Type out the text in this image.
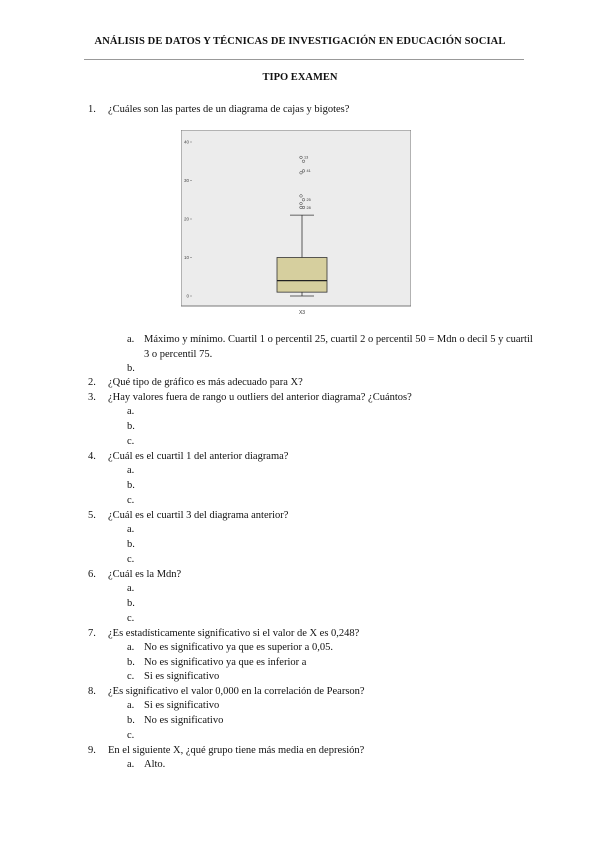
ANÁLISIS DE DATOS Y TÉCNICAS DE INVESTIGACIÓN EN EDUCACIÓN SOCIAL
TIPO EXAMEN
1. ¿Cuáles son las partes de un diagrama de cajas y bigotes?
0
10
20
30
40
13
41
25
28
X3
a. Máximo y mínimo. Cuartil 1 o percentil 25, cuartil 2 o percentil 50 = Mdn o decil 5 y cuartil 3 o percentil 75.
b.
2. ¿Qué tipo de gráfico es más adecuado para X?
3. ¿Hay valores fuera de rango u outliers del anterior diagrama? ¿Cuántos?
a.
b.
c.
4. ¿Cuál es el cuartil 1 del anterior diagrama?
a.
b.
c.
5. ¿Cuál es el cuartil 3 del diagrama anterior?
a.
b.
c.
6. ¿Cuál es la Mdn?
a.
b.
c.
7. ¿Es estadísticamente significativo si el valor de X es 0,248?
a. No es significativo ya que es superior a 0,05.
b. No es significativo ya que es inferior a
c. Si es significativo
8. ¿Es significativo el valor 0,000 en la correlación de Pearson?
a. Si es significativo
b. No es significativo
c.
9. En el siguiente X, ¿qué grupo tiene más media en depresión?
a. Alto.
